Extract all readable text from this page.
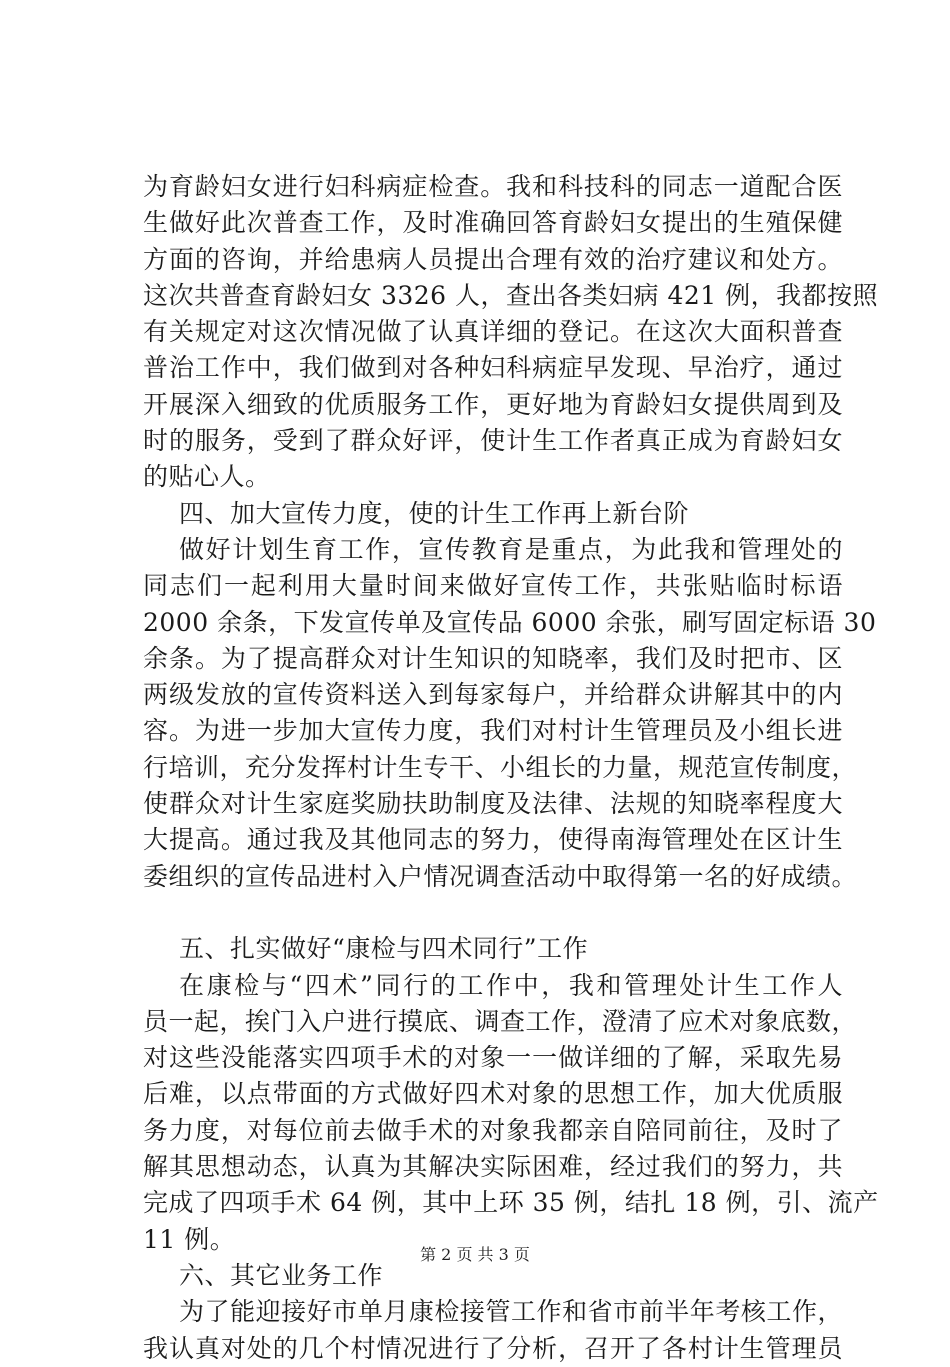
为育龄妇女进行妇科病症检查。我和科技科的同志一道配合医
生做好此次普查工作，及时准确回答育龄妇女提出的生殖保健
方面的咨询，并给患病人员提出合理有效的治疗建议和处方。
这次共普查育龄妇女 3326 人，查出各类妇病 421 例，我都按照
有关规定对这次情况做了认真详细的登记。在这次大面积普查
普治工作中，我们做到对各种妇科病症早发现、早治疗，通过
开展深入细致的优质服务工作，更好地为育龄妇女提供周到及
时的服务，受到了群众好评，使计生工作者真正成为育龄妇女
的贴心人。
四、加大宣传力度，使的计生工作再上新台阶
做好计划生育工作，宣传教育是重点，为此我和管理处的
同志们一起利用大量时间来做好宣传工作，共张贴临时标语
2000 余条，下发宣传单及宣传品 6000 余张，刷写固定标语 30
余条。为了提高群众对计生知识的知晓率，我们及时把市、区
两级发放的宣传资料送入到每家每户，并给群众讲解其中的内
容。为进一步加大宣传力度，我们对村计生管理员及小组长进
行培训，充分发挥村计生专干、小组长的力量，规范宣传制度，
使群众对计生家庭奖励扶助制度及法律、法规的知晓率程度大
大提高。通过我及其他同志的努力，使得南海管理处在区计生
委组织的宣传品进村入户情况调查活动中取得第一名的好成绩。
五、扎实做好“康检与四术同行”工作
在康检与“四术”同行的工作中，我和管理处计生工作人
员一起，挨门入户进行摸底、调查工作，澄清了应术对象底数，
对这些没能落实四项手术的对象一一做详细的了解，采取先易
后难，以点带面的方式做好四术对象的思想工作，加大优质服
务力度，对每位前去做手术的对象我都亲自陪同前往，及时了
解其思想动态，认真为其解决实际困难，经过我们的努力，共
完成了四项手术 64 例，其中上环 35 例，结扎 18 例，引、流产
11 例。
六、其它业务工作
为了能迎接好市单月康检接管工作和省市前半年考核工作，
我认真对处的几个村情况进行了分析，召开了各村计生管理员
第 2 页 共 3 页
